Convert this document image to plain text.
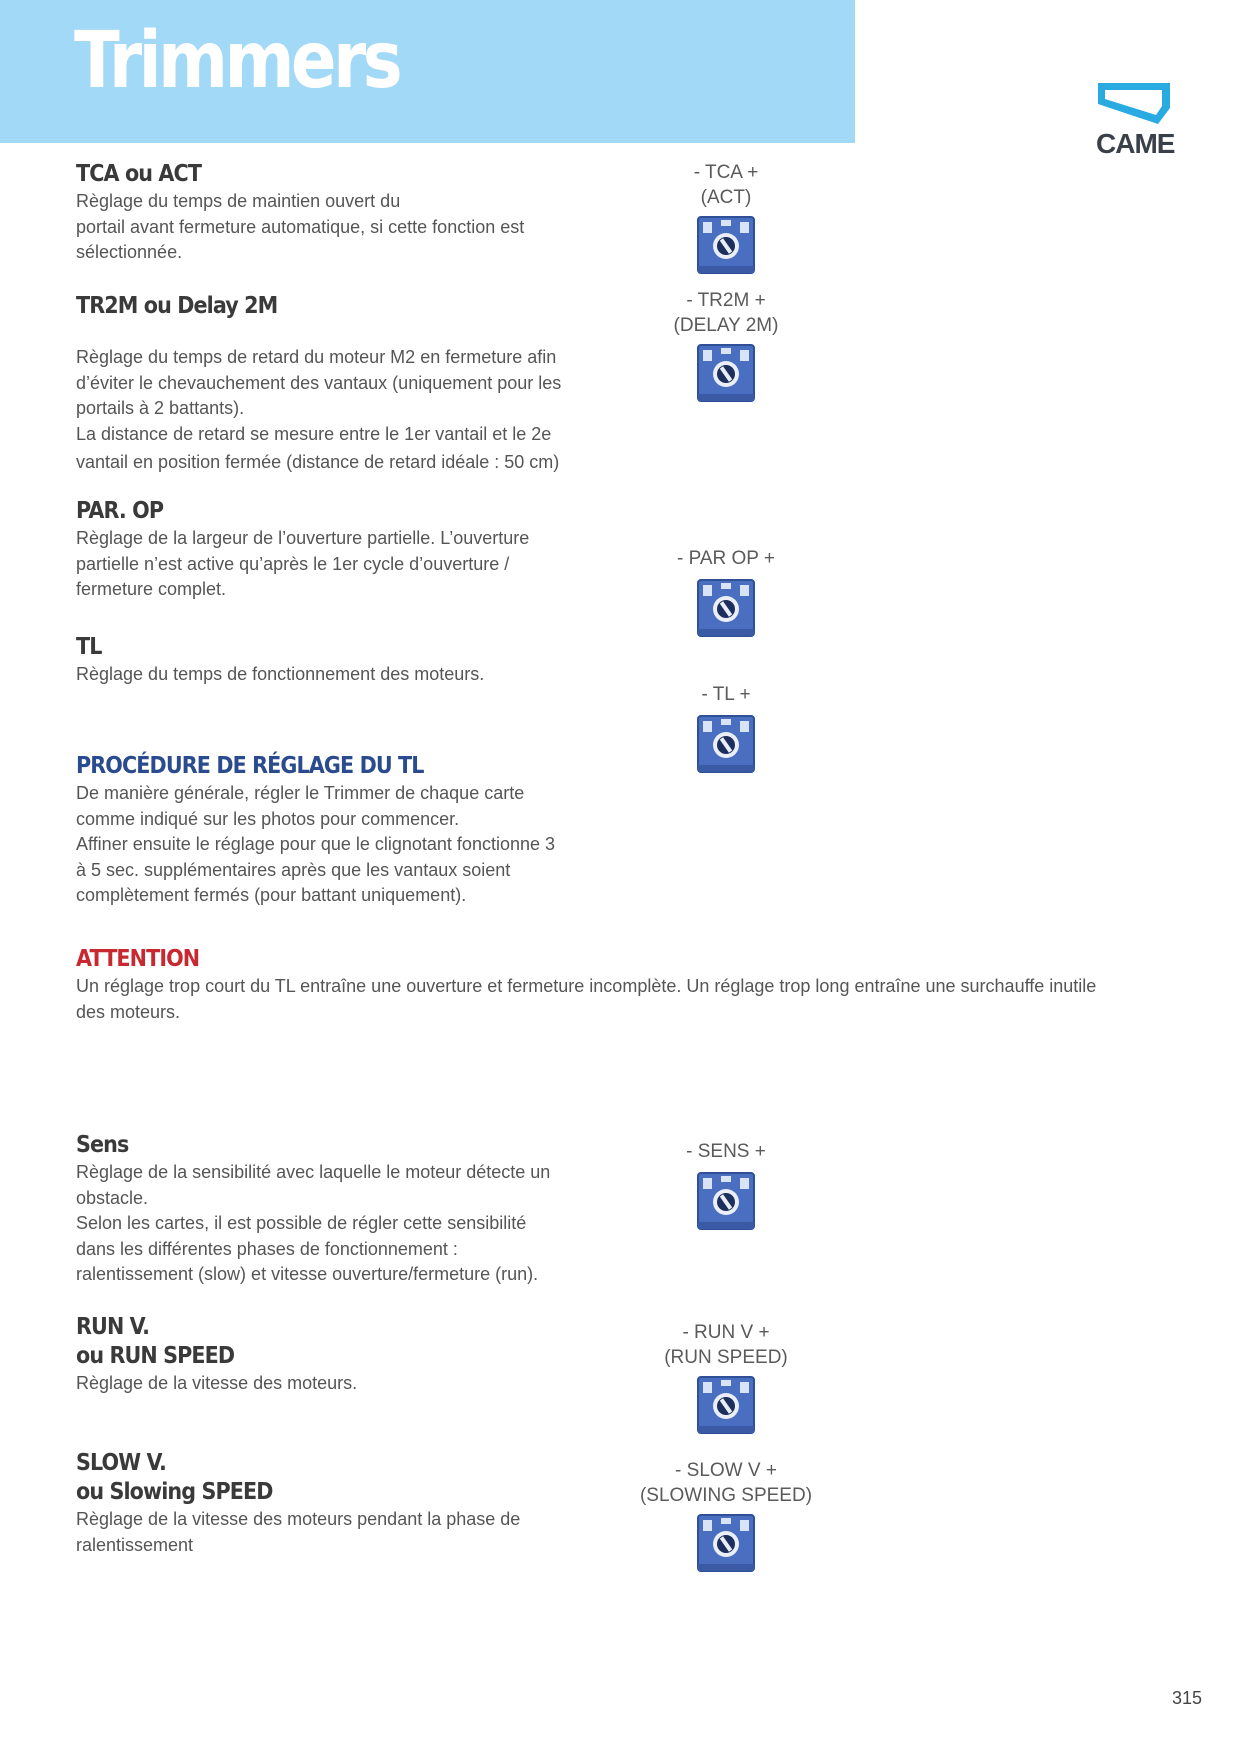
Trimmers
CAME
TCA ou ACT

Règlage du temps de maintien ouvert du

portail avant fermeture automatique, si cette fonction est

sélectionnée.

TR2M ou Delay 2M

Règlage du temps de retard du moteur M2 en fermeture afin

d’éviter le chevauchement des vantaux (uniquement pour les

portails à 2 battants).

La distance de retard se mesure entre le 1er vantail et le 2e

vantail en position fermée (distance de retard idéale : 50 cm)

PAR. OP

Règlage de la largeur de l’ouverture partielle. L’ouverture

partielle n’est active qu’après le 1er cycle d’ouverture /

fermeture complet.

TL

Règlage du temps de fonctionnement des moteurs.

PROCÉDURE DE RÉGLAGE DU TL

De manière générale, régler le Trimmer de chaque carte

comme indiqué sur les photos pour commencer.

Affiner ensuite le réglage pour que le clignotant fonctionne 3

à 5 sec. supplémentaires après que les vantaux soient

complètement fermés (pour battant uniquement).

ATTENTION

Un réglage trop court du TL entraîne une ouverture et fermeture incomplète. Un réglage trop long entraîne une surchauffe inutile

des moteurs.

Sens

Règlage de la sensibilité avec laquelle le moteur détecte un

obstacle.

Selon les cartes, il est possible de régler cette sensibilité

dans les différentes phases de fonctionnement :

ralentissement (slow) et vitesse ouverture/fermeture (run).

RUN V.
ou RUN SPEED

Règlage de la vitesse des moteurs.

SLOW V.
ou Slowing SPEED

Règlage de la vitesse des moteurs pendant la phase de

ralentissement

- TCA +
(ACT)
- TR2M +
(DELAY 2M)
- PAR OP +
- TL +
- SENS +
- RUN V +
(RUN SPEED)
- SLOW V +
(SLOWING SPEED)
315
